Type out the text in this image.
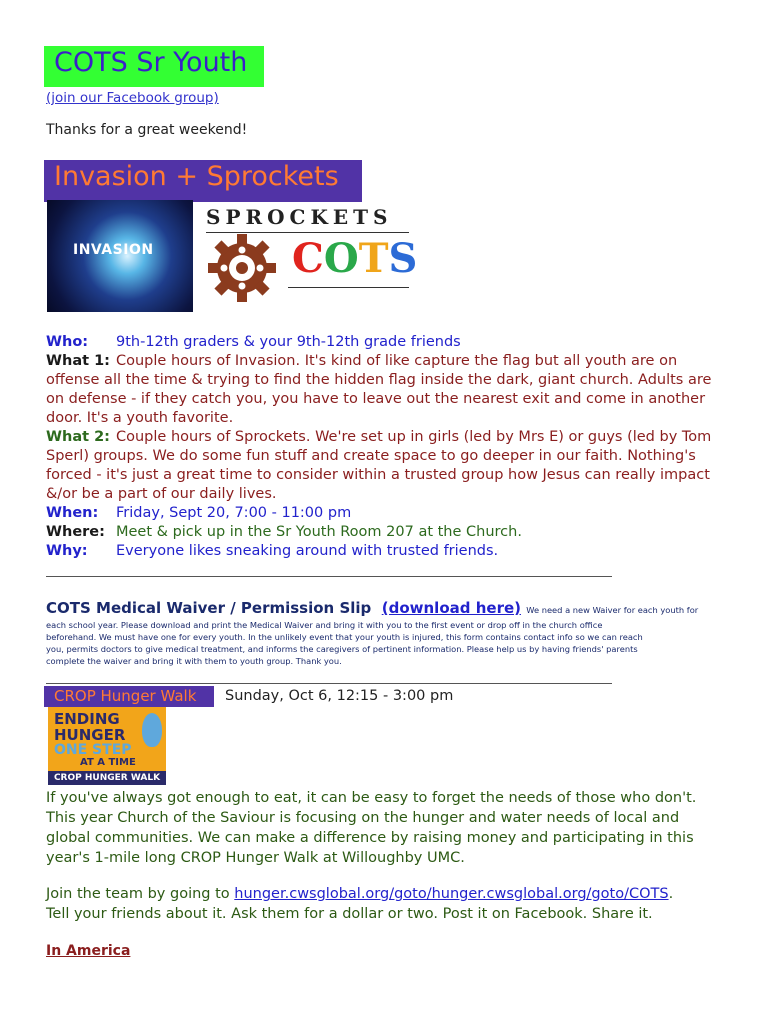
COTS Sr Youth
(join our Facebook group)
Thanks for a great weekend!
Invasion + Sprockets
INVASION
SPROCKETS
COTS
Who: 9th-12th graders & your 9th-12th grade friends
What 1: Couple hours of Invasion. It's kind of like capture the flag but all youth are on
offense all the time & trying to find the hidden flag inside the dark, giant church. Adults are
on defense - if they catch you, you have to leave out the nearest exit and come in another
door. It's a youth favorite.
What 2: Couple hours of Sprockets. We're set up in girls (led by Mrs E) or guys (led by Tom
Sperl) groups. We do some fun stuff and create space to go deeper in our faith. Nothing's
forced - it's just a great time to consider within a trusted group how Jesus can really impact
&/or be a part of our daily lives.
When: Friday, Sept 20, 7:00 - 11:00 pm
Where: Meet & pick up in the Sr Youth Room 207 at the Church.
Why: Everyone likes sneaking around with trusted friends.
COTS Medical Waiver / Permission Slip (download here) We need a new Waiver for each youth for
each school year. Please download and print the Medical Waiver and bring it with you to the first event or drop off in the church office
beforehand. We must have one for every youth. In the unlikely event that your youth is injured, this form contains contact info so we can reach
you, permits doctors to give medical treatment, and informs the caregivers of pertinent information. Please help us by having friends' parents
complete the waiver and bring it with them to youth group. Thank you.
CROP Hunger Walk Sunday, Oct 6, 12:15 - 3:00 pm
ENDING
HUNGER
ONE STEP
AT A TIME
CROP HUNGER WALK
If you've always got enough to eat, it can be easy to forget the needs of those who don't.
This year Church of the Saviour is focusing on the hunger and water needs of local and
global communities. We can make a difference by raising money and participating in this
year's 1-mile long CROP Hunger Walk at Willoughby UMC.
Join the team by going to hunger.cwsglobal.org/goto/hunger.cwsglobal.org/goto/COTS.
Tell your friends about it. Ask them for a dollar or two. Post it on Facebook. Share it.
In America
